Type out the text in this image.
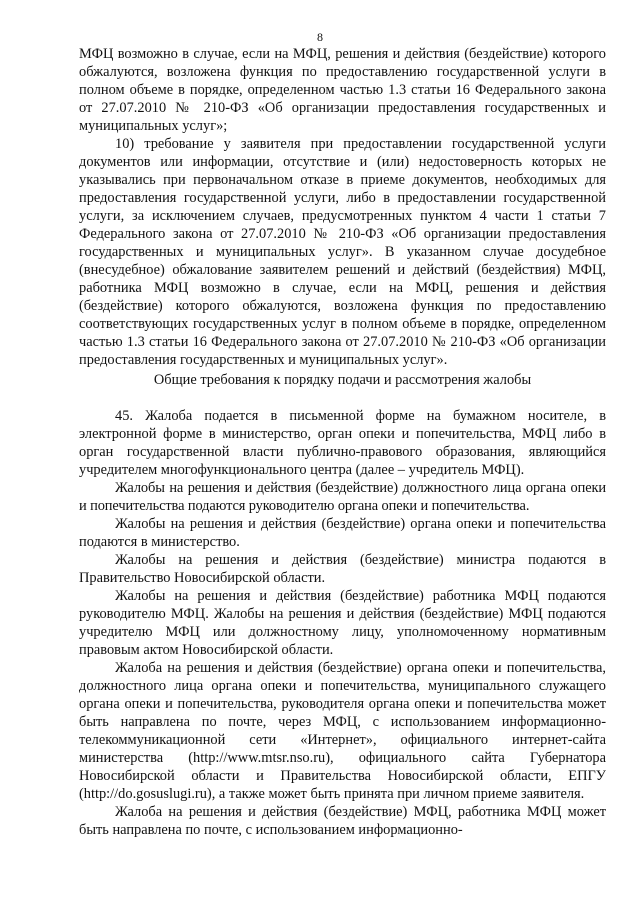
8

МФЦ возможно в случае, если на МФЦ, решения и действия (бездействие) которого обжалуются, возложена функция по предоставлению государственной услуги в полном объеме в порядке, определенном частью 1.3 статьи 16 Федерального закона от 27.07.2010 № 210-ФЗ «Об организации предоставления государственных и муниципальных услуг»;

10) требование у заявителя при предоставлении государственной услуги документов или информации, отсутствие и (или) недостоверность которых не указывались при первоначальном отказе в приеме документов, необходимых для предоставления государственной услуги, либо в предоставлении государственной услуги, за исключением случаев, предусмотренных пунктом 4 части 1 статьи 7 Федерального закона от 27.07.2010 № 210-ФЗ «Об организации предоставления государственных и муниципальных услуг». В указанном случае досудебное (внесудебное) обжалование заявителем решений и действий (бездействия) МФЦ, работника МФЦ возможно в случае, если на МФЦ, решения и действия (бездействие) которого обжалуются, возложена функция по предоставлению соответствующих государственных услуг в полном объеме в порядке, определенном частью 1.3 статьи 16 Федерального закона от 27.07.2010 № 210-ФЗ «Об организации предоставления государственных и муниципальных услуг».

Общие требования к порядку подачи и рассмотрения жалобы

45. Жалоба подается в письменной форме на бумажном носителе, в электронной форме в министерство, орган опеки и попечительства, МФЦ либо в орган государственной власти публично-правового образования, являющийся учредителем многофункционального центра (далее – учредитель МФЦ).

Жалобы на решения и действия (бездействие) должностного лица органа опеки и попечительства подаются руководителю органа опеки и попечительства.

Жалобы на решения и действия (бездействие) органа опеки и попечительства подаются в министерство.

Жалобы на решения и действия (бездействие) министра подаются в Правительство Новосибирской области.

Жалобы на решения и действия (бездействие) работника МФЦ подаются руководителю МФЦ. Жалобы на решения и действия (бездействие) МФЦ подаются учредителю МФЦ или должностному лицу, уполномоченному нормативным правовым актом Новосибирской области.

Жалоба на решения и действия (бездействие) органа опеки и попечительства, должностного лица органа опеки и попечительства, муниципального служащего органа опеки и попечительства, руководителя органа опеки и попечительства может быть направлена по почте, через МФЦ, с использованием информационно-телекоммуникационной сети «Интернет», официального интернет-сайта министерства (http://www.mtsr.nso.ru), официального сайта Губернатора Новосибирской области и Правительства Новосибирской области, ЕПГУ (http://do.gosuslugi.ru), а также может быть принята при личном приеме заявителя.

Жалоба на решения и действия (бездействие) МФЦ, работника МФЦ может быть направлена по почте, с использованием информационно-
